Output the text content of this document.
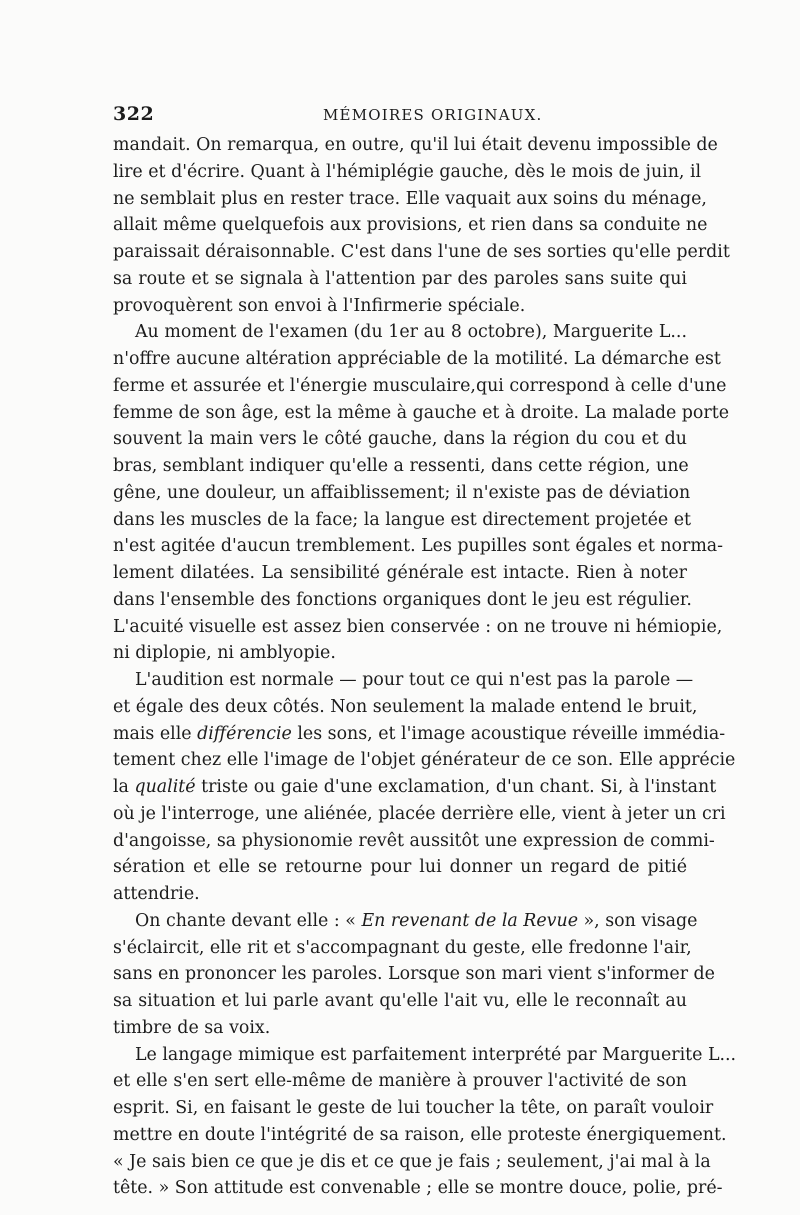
322	MÉMOIRES ORIGINAUX.
mandait. On remarqua, en outre, qu'il lui était devenu impossible de
lire et d'écrire. Quant à l'hémiplégie gauche, dès le mois de juin, il
ne semblait plus en rester trace. Elle vaquait aux soins du ménage,
allait même quelquefois aux provisions, et rien dans sa conduite ne
paraissait déraisonnable. C'est dans l'une de ses sorties qu'elle perdit
sa route et se signala à l'attention par des paroles sans suite qui
provoquèrent son envoi à l'Infirmerie spéciale.
Au moment de l'examen (du 1er au 8 octobre), Marguerite L...
n'offre aucune altération appréciable de la motilité. La démarche est
ferme et assurée et l'énergie musculaire,qui correspond à celle d'une
femme de son âge, est la même à gauche et à droite. La malade porte
souvent la main vers le côté gauche, dans la région du cou et du
bras, semblant indiquer qu'elle a ressenti, dans cette région, une
gêne, une douleur, un affaiblissement; il n'existe pas de déviation
dans les muscles de la face; la langue est directement projetée et
n'est agitée d'aucun tremblement. Les pupilles sont égales et norma-
lement dilatées. La sensibilité générale est intacte. Rien à noter
dans l'ensemble des fonctions organiques dont le jeu est régulier.
L'acuité visuelle est assez bien conservée : on ne trouve ni hémiopie,
ni diplopie, ni amblyopie.
L'audition est normale — pour tout ce qui n'est pas la parole —
et égale des deux côtés. Non seulement la malade entend le bruit,
mais elle différencie les sons, et l'image acoustique réveille immédia-
tement chez elle l'image de l'objet générateur de ce son. Elle apprécie
la qualité triste ou gaie d'une exclamation, d'un chant. Si, à l'instant
où je l'interroge, une aliénée, placée derrière elle, vient à jeter un cri
d'angoisse, sa physionomie revêt aussitôt une expression de commi-
sération et elle se retourne pour lui donner un regard de pitié
attendrie.
On chante devant elle : « En revenant de la Revue », son visage
s'éclaircit, elle rit et s'accompagnant du geste, elle fredonne l'air,
sans en prononcer les paroles. Lorsque son mari vient s'informer de
sa situation et lui parle avant qu'elle l'ait vu, elle le reconnaît au
timbre de sa voix.
Le langage mimique est parfaitement interprété par Marguerite L...
et elle s'en sert elle-même de manière à prouver l'activité de son
esprit. Si, en faisant le geste de lui toucher la tête, on paraît vouloir
mettre en doute l'intégrité de sa raison, elle proteste énergiquement.
« Je sais bien ce que je dis et ce que je fais ; seulement, j'ai mal à la
tête. » Son attitude est convenable ; elle se montre douce, polie, pré-
